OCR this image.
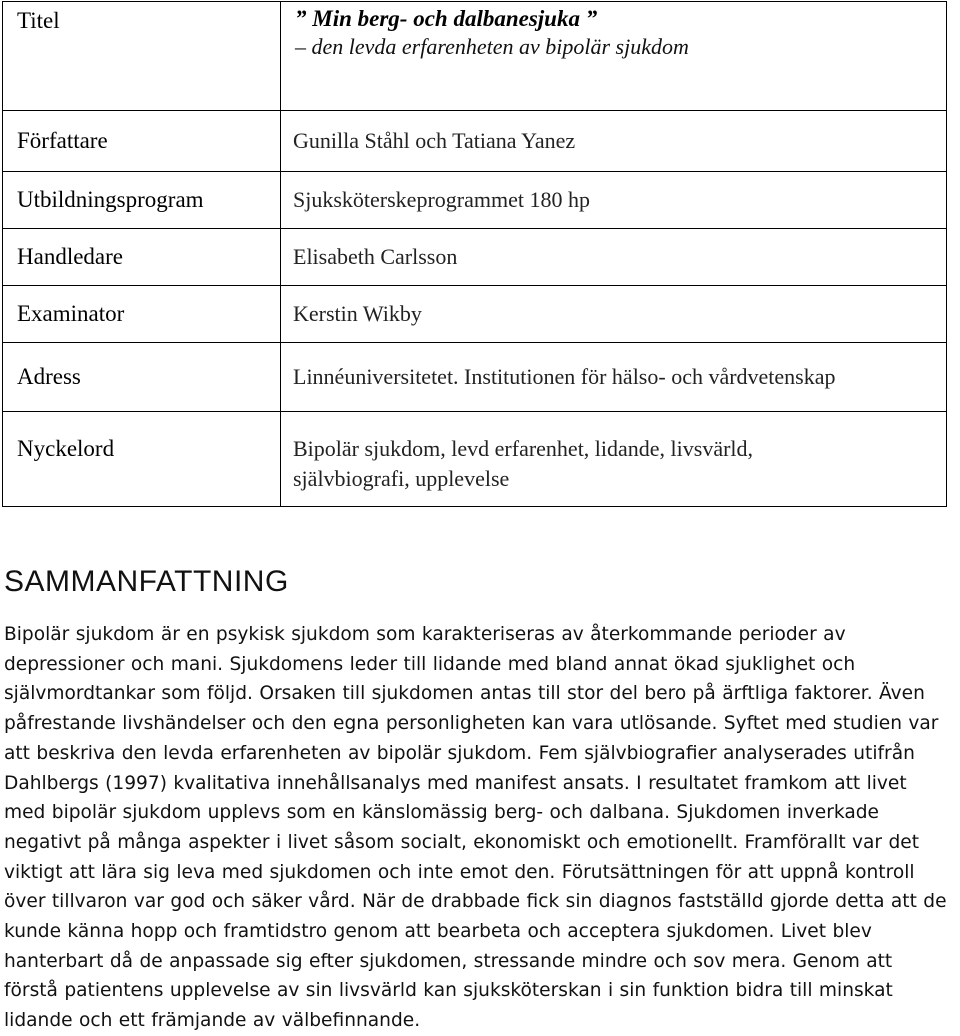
Titel	” Min berg- och dalbanesjuka ”
– den levda erfarenheten av bipolär sjukdom

Författare	Gunilla Ståhl och Tatiana Yanez
Utbildningsprogram	Sjuksköterskeprogrammet 180 hp
Handledare	Elisabeth Carlsson
Examinator	Kerstin Wikby
Adress	Linnéuniversitetet. Institutionen för hälso- och vårdvetenskap
Nyckelord	Bipolär sjukdom, levd erfarenhet, lidande, livsvärld,
självbiografi, upplevelse
SAMMANFATTNING

Bipolär sjukdom är en psykisk sjukdom som karakteriseras av återkommande perioder av depressioner och mani. Sjukdomens leder till lidande med bland annat ökad sjuklighet och självmordtankar som följd. Orsaken till sjukdomen antas till stor del bero på ärftliga faktorer. Även påfrestande livshändelser och den egna personligheten kan vara utlösande. Syftet med studien var att beskriva den levda erfarenheten av bipolär sjukdom. Fem självbiografier analyserades utifrån Dahlbergs (1997) kvalitativa innehållsanalys med manifest ansats. I resultatet framkom att livet med bipolär sjukdom upplevs som en känslomässig berg- och dalbana. Sjukdomen inverkade negativt på många aspekter i livet såsom socialt, ekonomiskt och emotionellt. Framförallt var det viktigt att lära sig leva med sjukdomen och inte emot den. Förutsättningen för att uppnå kontroll över tillvaron var god och säker vård. När de drabbade fick sin diagnos fastställd gjorde detta att de kunde känna hopp och framtidstro genom att bearbeta och acceptera sjukdomen. Livet blev hanterbart då de anpassade sig efter sjukdomen, stressande mindre och sov mera. Genom att förstå patientens upplevelse av sin livsvärld kan sjuksköterskan i sin funktion bidra till minskat lidande och ett främjande av välbefinnande.
